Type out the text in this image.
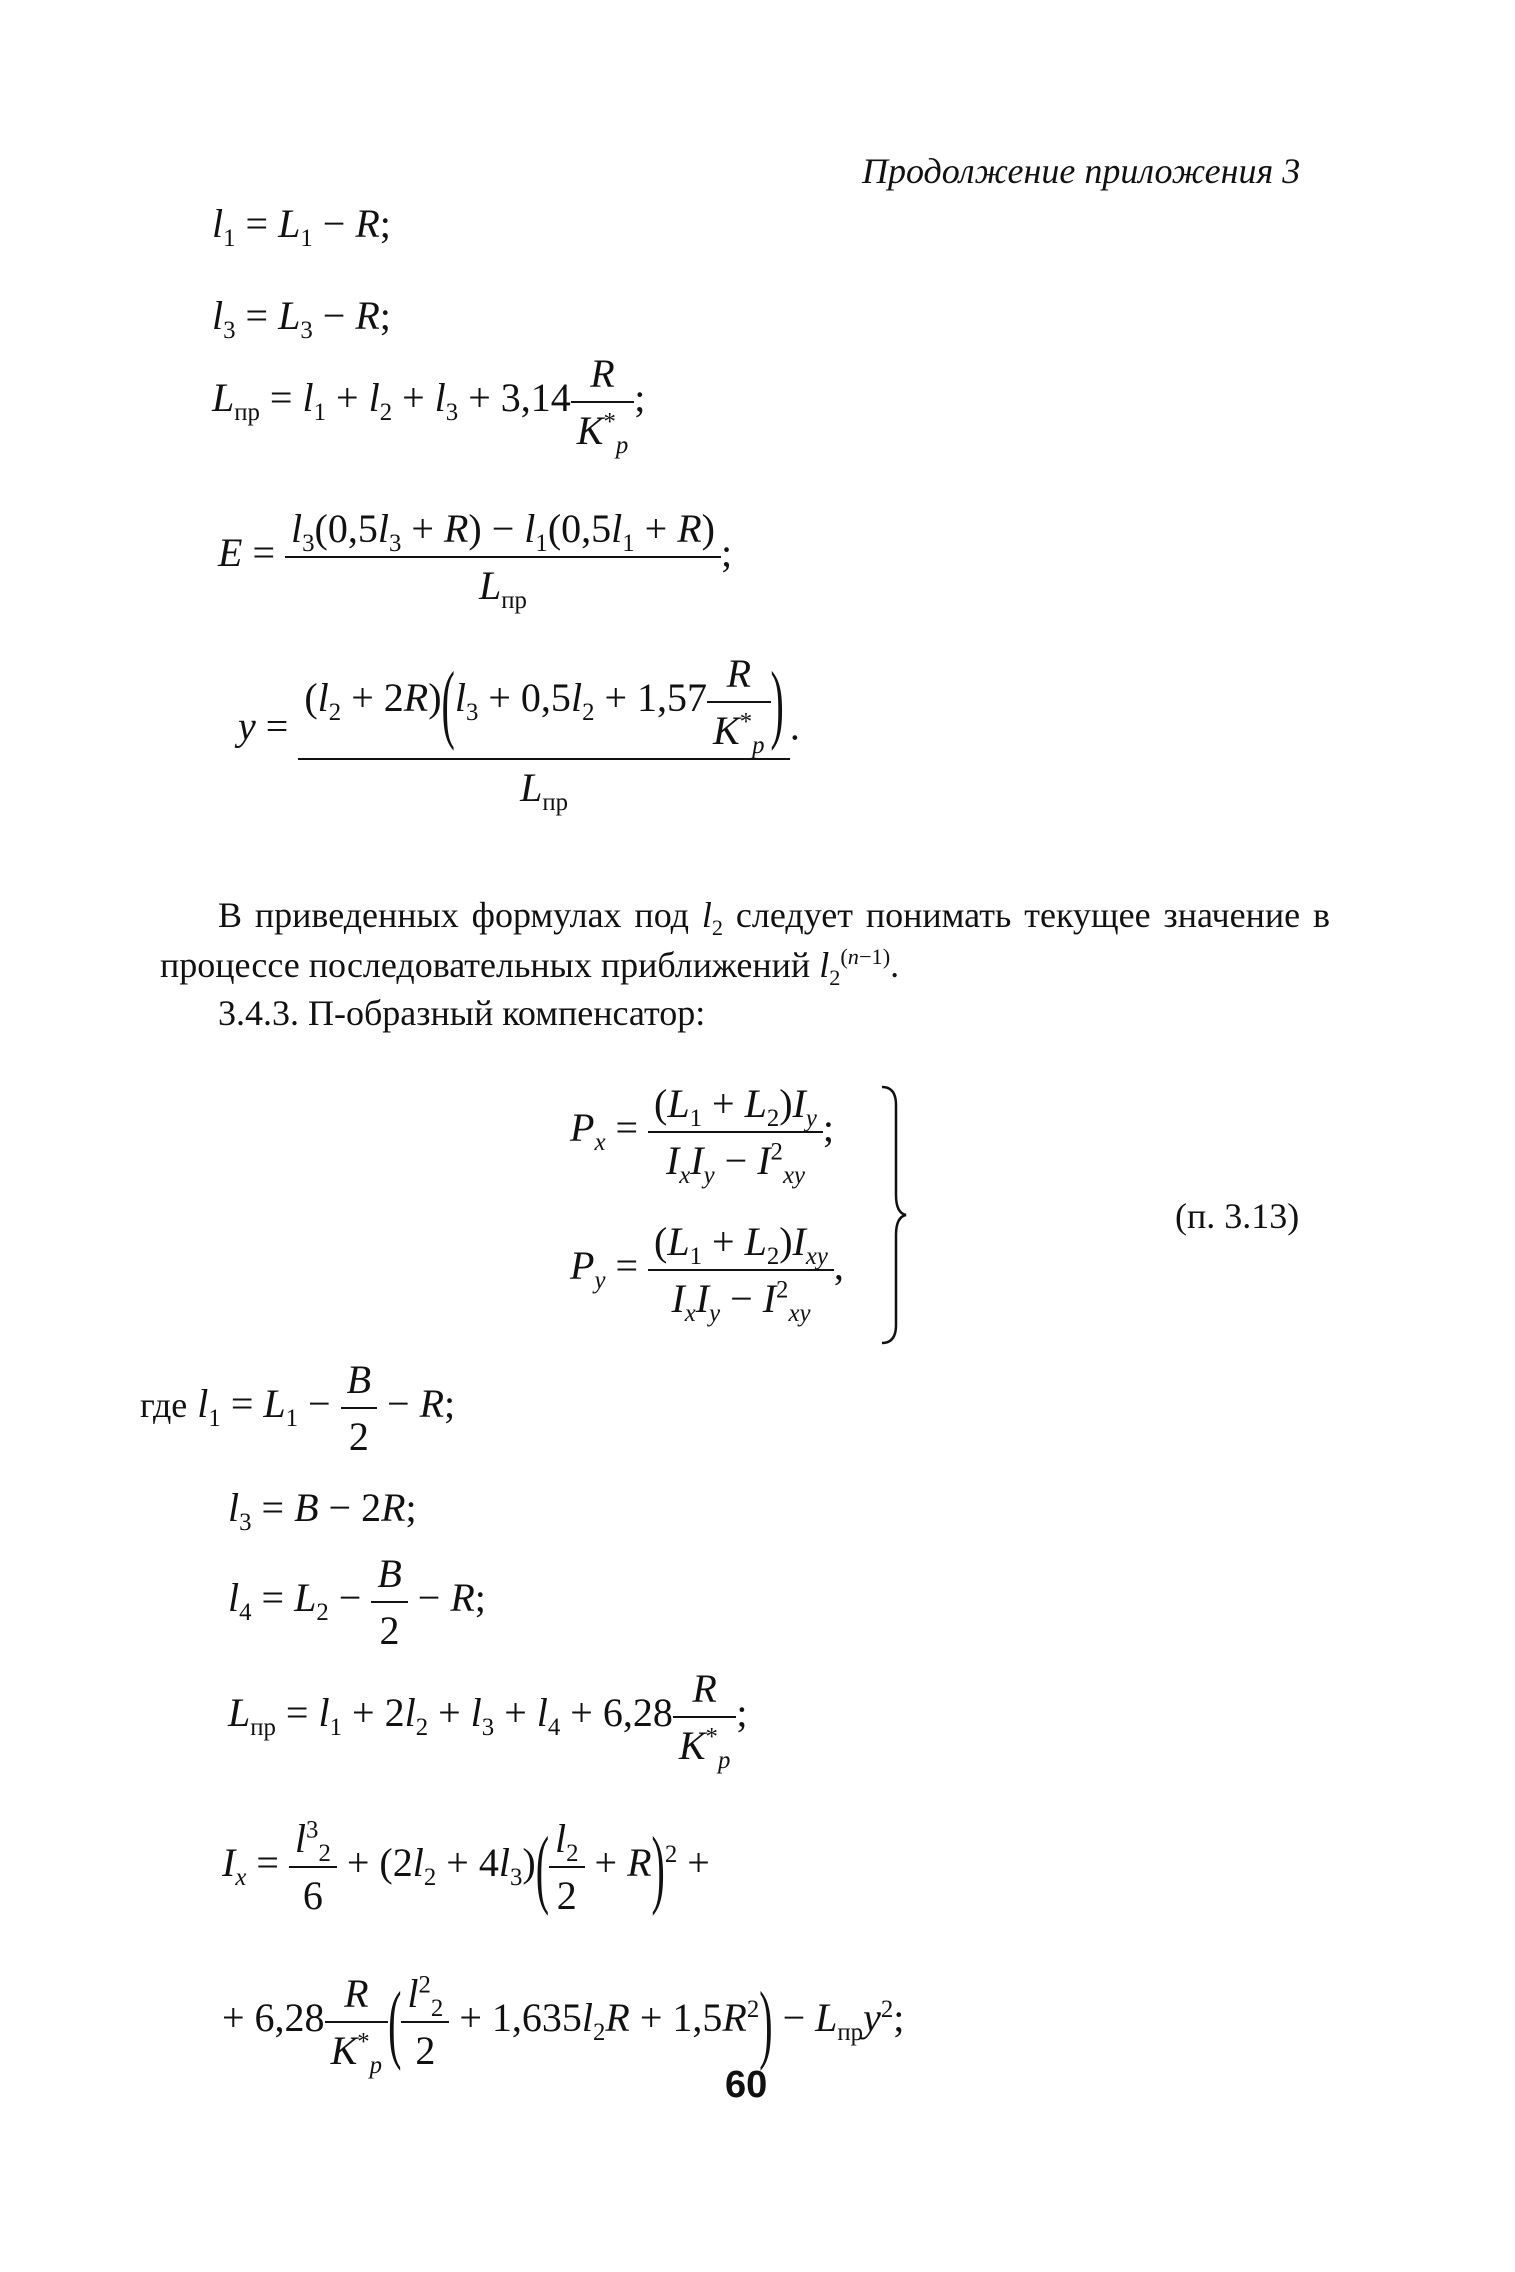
Продолжение приложения 3
$l_1 = L_1 - R$;
$l_3 = L_3 - R$;
$L_{пр} = l_1 + l_2 + l_3 + 3,14 \frac{R}{K^*_p}$ ;
$E = \frac{l_3(0,5l_3 + R) - l_1(0,5l_1 + R)}{L_{пр}}$ ;
$y = \frac{(l_2 + 2R)(l_3 + 0,5l_2 + 1,57 \frac{R}{K^*_p} )}{L_{пр}}$ .
В приведенных формулах под $l_2$ следует понимать текущее значение в процессе последовательных приближений $l_2^{(n-1)}$.
3.4.3. П-образный компенсатор:
$P_x = \frac{(L_1 + L_2)I_y}{I_xI_y - I^2_{xy}}$ ;
$P_y = \frac{(L_1 + L_2)I_{xy}}{I_xI_y - I^2_{xy}}$ ,
(п. 3.13)
где $l_1 = L_1 - \frac{B}{2} - R$;
$l_3 = B - 2R$;
$l_4 = L_2 - \frac{B}{2} - R$;
$L_{пр} = l_1 + 2l_2 + l_3 + l_4 + 6,28 \frac{R}{K^*_p}$ ;
$I_x = \frac{l^3_2}{6} + (2l_2 + 4l_3)( \frac{l_2}{2} + R)^2$ +
+ $6,28 \frac{R}{K^*_p}$ ( $\frac{l^2_2}{2} + 1,635l_2R + 1,5R^2) - L_{пр}y^2$;
60
